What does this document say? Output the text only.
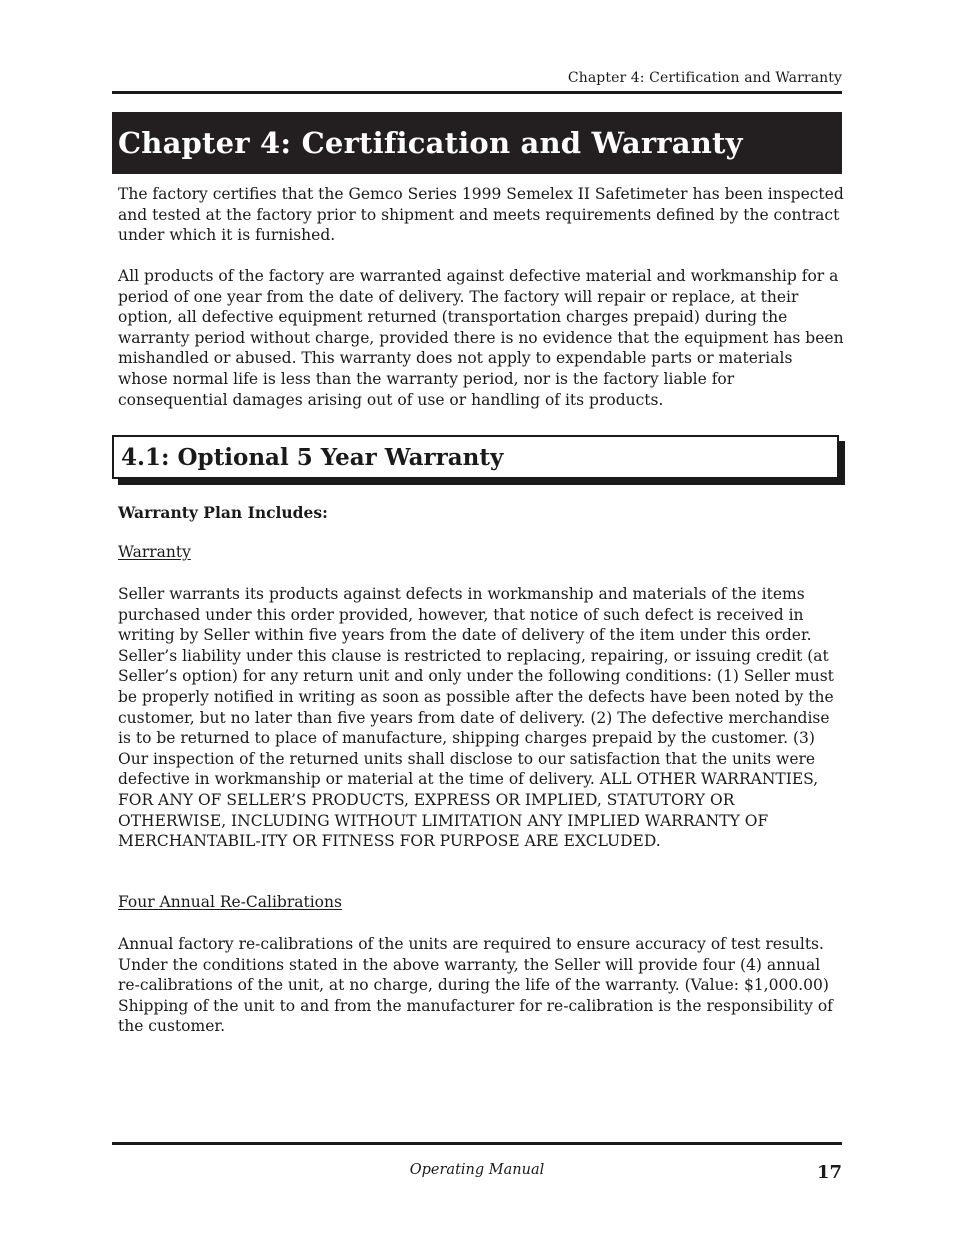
Chapter 4: Certification and Warranty
Chapter 4: Certification and Warranty

The factory certifies that the Gemco Series 1999 Semelex II Safetimeter has been inspected and tested at the factory prior to shipment and meets requirements defined by the contract under which it is furnished.

All products of the factory are warranted against defective material and workmanship for a period of one year from the date of delivery. The factory will repair or replace, at their option, all defective equipment returned (transportation charges prepaid) during the warranty period without charge, provided there is no evidence that the equipment has been mishandled or abused. This warranty does not apply to expendable parts or materials whose normal life is less than the warranty period, nor is the factory liable for consequential damages arising out of use or handling of its products.

4.1: Optional 5 Year Warranty

Warranty Plan Includes:

Warranty

Seller warrants its products against defects in workmanship and materials of the items purchased under this order provided, however, that notice of such defect is received in writing by Seller within five years from the date of delivery of the item under this order. Seller’s liability under this clause is restricted to replacing, repairing, or issuing credit (at Seller’s option) for any return unit and only under the following conditions: (1) Seller must be properly notified in writing as soon as possible after the defects have been noted by the customer, but no later than five years from date of delivery. (2) The defective merchandise is to be returned to place of manufacture, shipping charges prepaid by the customer. (3) Our inspection of the returned units shall disclose to our satisfaction that the units were defective in workmanship or material at the time of delivery. ALL OTHER WARRANTIES, FOR ANY OF SELLER’S PRODUCTS, EXPRESS OR IMPLIED, STATUTORY OR OTHERWISE, INCLUDING WITHOUT LIMITATION ANY IMPLIED WARRANTY OF MERCHANTABIL-ITY OR FITNESS FOR PURPOSE ARE EXCLUDED.

Four Annual Re-Calibrations

Annual factory re-calibrations of the units are required to ensure accuracy of test results. Under the conditions stated in the above warranty, the Seller will provide four (4) annual re-calibrations of the unit, at no charge, during the life of the warranty. (Value: $1,000.00) Shipping of the unit to and from the manufacturer for re-calibration is the responsibility of the customer.

Operating Manual	17
